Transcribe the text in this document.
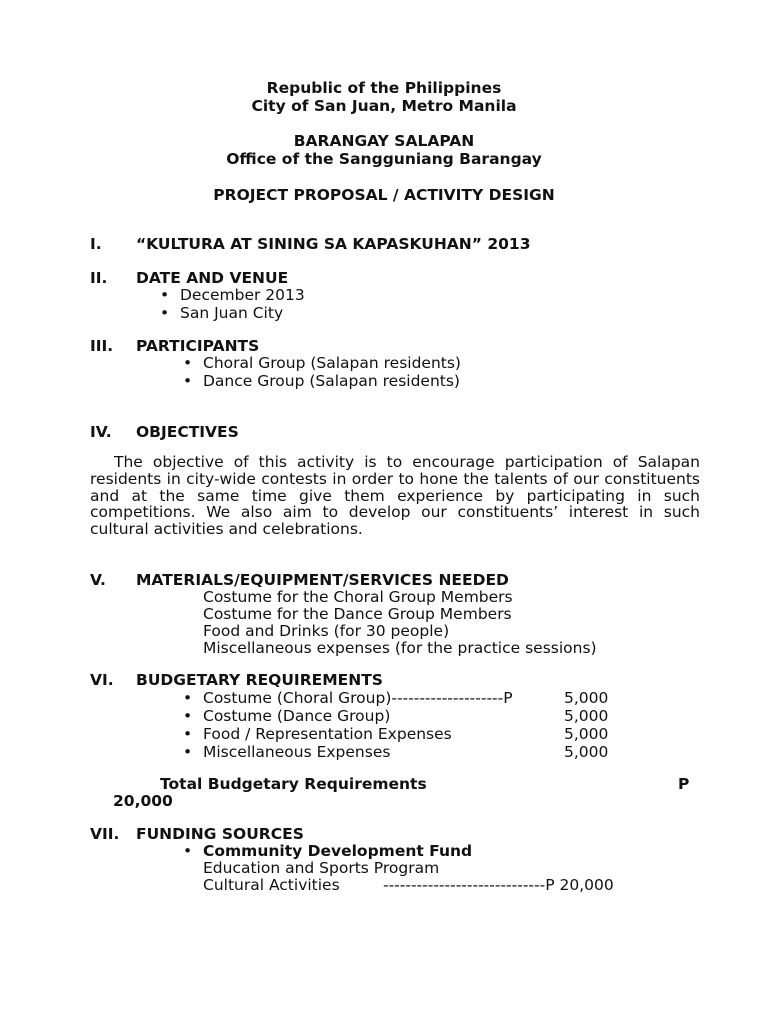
Republic of the Philippines
City of San Juan, Metro Manila
BARANGAY SALAPAN
Office of the Sangguniang Barangay
PROJECT PROPOSAL / ACTIVITY DESIGN
I. “KULTURA AT SINING SA KAPASKUHAN” 2013
II. DATE AND VENUE
• December 2013
• San Juan City
III. PARTICIPANTS
• Choral Group (Salapan residents)
• Dance Group (Salapan residents)
IV. OBJECTIVES
The objective of this activity is to encourage participation of Salapan residents in city-wide contests in order to hone the talents of our constituents and at the same time give them experience by participating in such competitions. We also aim to develop our constituents’ interest in such cultural activities and celebrations.
V. MATERIALS/EQUIPMENT/SERVICES NEEDED
Costume for the Choral Group Members
Costume for the Dance Group Members
Food and Drinks (for 30 people)
Miscellaneous expenses (for the practice sessions)
VI. BUDGETARY REQUIREMENTS
• Costume (Choral Group)--------------------P	5,000
• Costume (Dance Group)	5,000
• Food / Representation Expenses	5,000
• Miscellaneous Expenses	5,000
Total Budgetary Requirements	P
20,000
VII. FUNDING SOURCES
• Community Development Fund
Education and Sports Program
Cultural Activities	-----------------------------P 20,000
